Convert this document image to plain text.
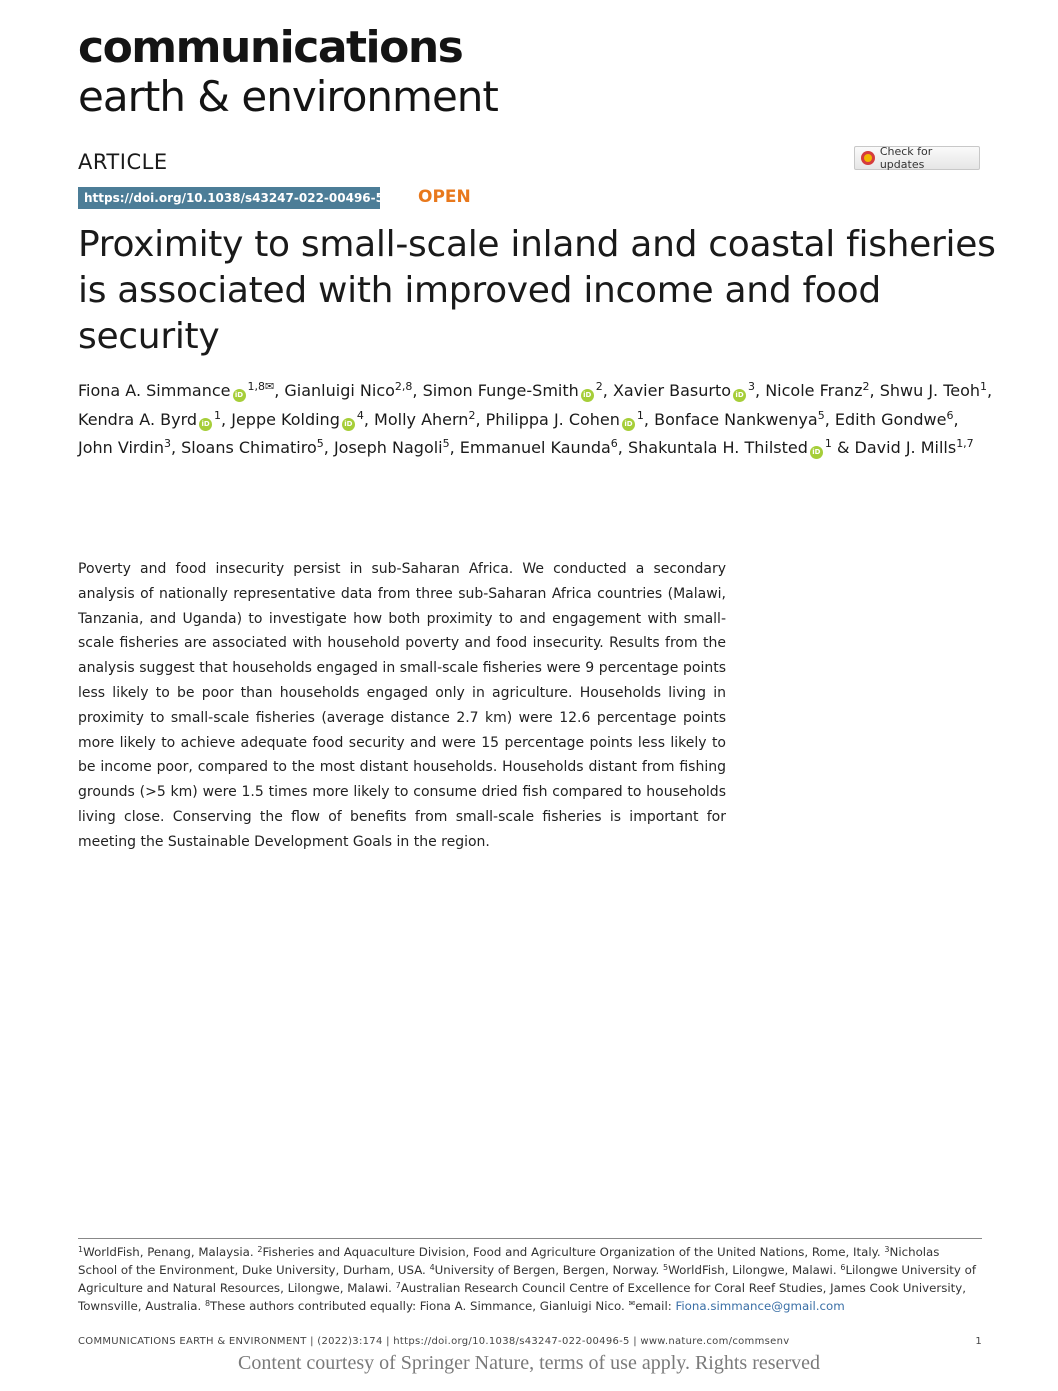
communications
earth & environment
ARTICLE	Check for updates
https://doi.org/10.1038/s43247-022-00496-5 OPEN
Proximity to small-scale inland and coastal fisheries is associated with improved income and food security
Fiona A. Simmance $iD^{1,8✉}$, Gianluigi Nico$^{2,8}$, Simon Funge-Smith $iD^2$, Xavier Basurto $iD^3$, Nicole Franz$^2$, Shwu J. Teoh$^1$, Kendra A. Byrd $iD^1$, Jeppe Kolding $iD^4$, Molly Ahern$^2$, Philippa J. Cohen $iD^1$, Bonface Nankwenya$^5$, Edith Gondwe$^6$, John Virdin$^3$, Sloans Chimatiro$^5$, Joseph Nagoli$^5$, Emmanuel Kaunda$^6$, Shakuntala H. Thilsted $iD^1$ & David J. Mills$^{1,7}$
Poverty and food insecurity persist in sub-Saharan Africa. We conducted a secondary analysis of nationally representative data from three sub-Saharan Africa countries (Malawi, Tanzania, and Uganda) to investigate how both proximity to and engagement with small-scale fisheries are associated with household poverty and food insecurity. Results from the analysis suggest that households engaged in small-scale fisheries were 9 percentage points less likely to be poor than households engaged only in agriculture. Households living in proximity to small-scale fisheries (average distance 2.7 km) were 12.6 percentage points more likely to achieve adequate food security and were 15 percentage points less likely to be income poor, compared to the most distant households. Households distant from fishing grounds (>5 km) were 1.5 times more likely to consume dried fish compared to households living close. Conserving the flow of benefits from small-scale fisheries is important for meeting the Sustainable Development Goals in the region.
$^1$WorldFish, Penang, Malaysia. $^2$Fisheries and Aquaculture Division, Food and Agriculture Organization of the United Nations, Rome, Italy. $^3$Nicholas School of the Environment, Duke University, Durham, USA. $^4$University of Bergen, Bergen, Norway. $^5$WorldFish, Lilongwe, Malawi. $^6$Lilongwe University of Agriculture and Natural Resources, Lilongwe, Malawi. $^7$Australian Research Council Centre of Excellence for Coral Reef Studies, James Cook University, Townsville, Australia. $^8$These authors contributed equally: Fiona A. Simmance, Gianluigi Nico. ✉email: Fiona.simmance@gmail.com
COMMUNICATIONS EARTH & ENVIRONMENT | (2022)3:174 | https://doi.org/10.1038/s43247-022-00496-5 | www.nature.com/commsenv	1
Content courtesy of Springer Nature, terms of use apply. Rights reserved
